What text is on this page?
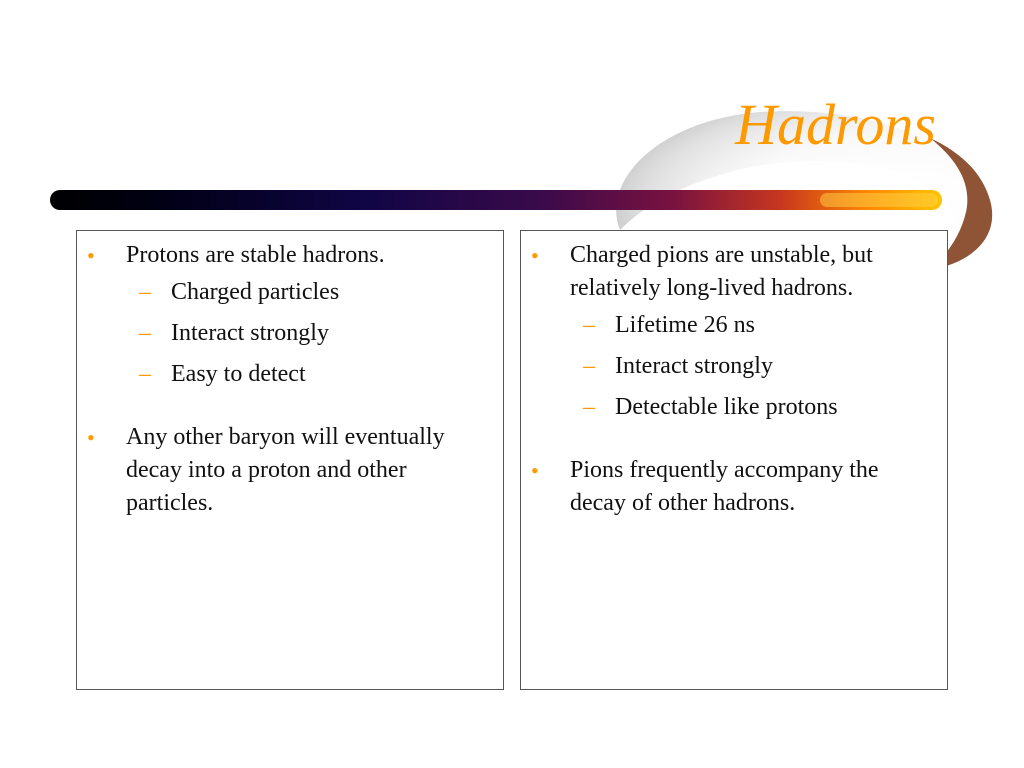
Hadrons
• Protons are stable hadrons.
– Charged particles
– Interact strongly
– Easy to detect
• Any other baryon will eventually decay into a proton and other particles.
• Charged pions are unstable, but relatively long-lived hadrons.
– Lifetime 26 ns
– Interact strongly
– Detectable like protons
• Pions frequently accompany the decay of other hadrons.
